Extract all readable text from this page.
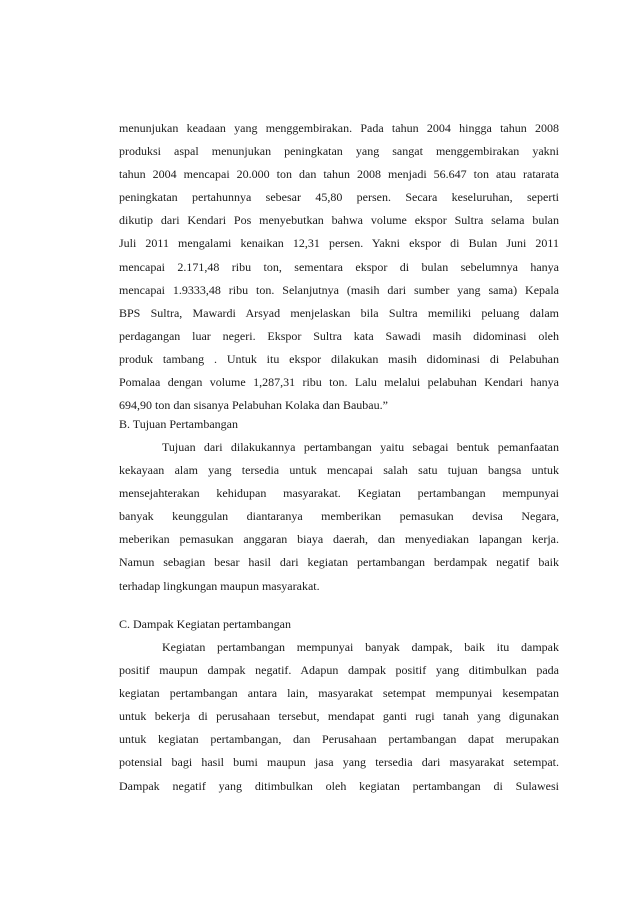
menunjukan keadaan yang menggembirakan. Pada tahun 2004 hingga tahun 2008
produksi aspal menunjukan peningkatan yang sangat menggembirakan yakni
tahun 2004 mencapai 20.000 ton dan tahun 2008 menjadi 56.647 ton atau ratarata
peningkatan pertahunnya sebesar 45,80 persen. Secara keseluruhan, seperti
dikutip dari Kendari Pos menyebutkan bahwa volume ekspor Sultra selama bulan
Juli 2011 mengalami kenaikan 12,31 persen. Yakni ekspor di Bulan Juni 2011
mencapai 2.171,48 ribu ton, sementara ekspor di bulan sebelumnya hanya
mencapai 1.9333,48 ribu ton. Selanjutnya (masih dari sumber yang sama) Kepala
BPS Sultra, Mawardi Arsyad menjelaskan bila Sultra memiliki peluang dalam
perdagangan luar negeri. Ekspor Sultra kata Sawadi masih didominasi oleh
produk tambang . Untuk itu ekspor dilakukan masih didominasi di Pelabuhan
Pomalaa dengan volume 1,287,31 ribu ton. Lalu melalui pelabuhan Kendari hanya
694,90 ton dan sisanya Pelabuhan Kolaka dan Baubau.”
B. Tujuan Pertambangan
Tujuan dari dilakukannya pertambangan yaitu sebagai bentuk pemanfaatan
kekayaan alam yang tersedia untuk mencapai salah satu tujuan bangsa untuk
mensejahterakan kehidupan masyarakat. Kegiatan pertambangan mempunyai
banyak keunggulan diantaranya memberikan pemasukan devisa Negara,
meberikan pemasukan anggaran biaya daerah, dan menyediakan lapangan kerja.
Namun sebagian besar hasil dari kegiatan pertambangan berdampak negatif baik
terhadap lingkungan maupun masyarakat.
C. Dampak Kegiatan pertambangan
Kegiatan pertambangan mempunyai banyak dampak, baik itu dampak
positif maupun dampak negatif. Adapun dampak positif yang ditimbulkan pada
kegiatan pertambangan antara lain, masyarakat setempat mempunyai kesempatan
untuk bekerja di perusahaan tersebut, mendapat ganti rugi tanah yang digunakan
untuk kegiatan pertambangan, dan Perusahaan pertambangan dapat merupakan
potensial bagi hasil bumi maupun jasa yang tersedia dari masyarakat setempat.
Dampak negatif yang ditimbulkan oleh kegiatan pertambangan di Sulawesi
